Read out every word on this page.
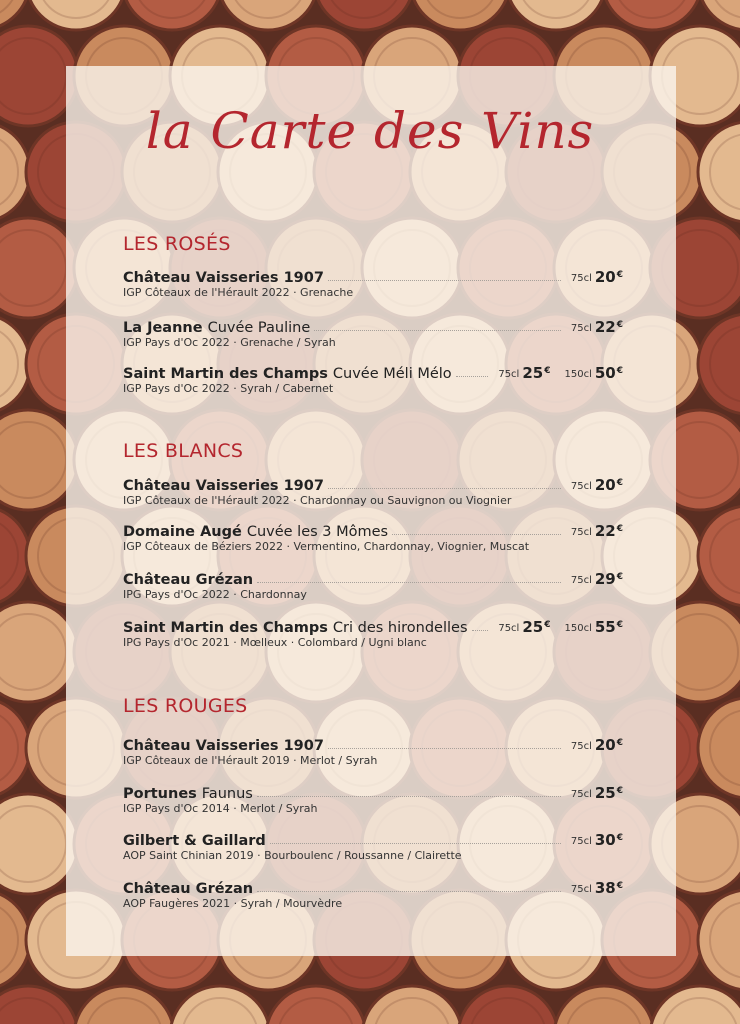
la Carte des Vins
LES ROSÉS
Château Vaisseries 1907	75cl 20 €
IGP Côteaux de l'Hérault 2022 · Grenache
La Jeanne Cuvée Pauline	75cl 22 €
IGP Pays d'Oc 2022 · Grenache / Syrah
Saint Martin des Champs Cuvée Méli Mélo	75cl 25 € 150cl 50 €
IGP Pays d'Oc 2022 · Syrah / Cabernet
LES BLANCS
Château Vaisseries 1907	75cl 20 €
IGP Côteaux de l'Hérault 2022 · Chardonnay ou Sauvignon ou Viognier
Domaine Augé Cuvée les 3 Mômes	75cl 22 €
IGP Côteaux de Béziers 2022 · Vermentino, Chardonnay, Viognier, Muscat
Château Grézan	75cl 29 €
IPG Pays d'Oc 2022 · Chardonnay
Saint Martin des Champs Cri des hirondelles	75cl 25 € 150cl 55 €
IPG Pays d'Oc 2021 · Mœlleux · Colombard / Ugni blanc
LES ROUGES
Château Vaisseries 1907	75cl 20 €
IGP Côteaux de l'Hérault 2019 · Merlot / Syrah
Portunes Faunus	75cl 25 €
IGP Pays d'Oc 2014 · Merlot / Syrah
Gilbert & Gaillard	75cl 30 €
AOP Saint Chinian 2019 · Bourboulenc / Roussanne / Clairette
Château Grézan	75cl 38 €
AOP Faugères 2021 · Syrah / Mourvèdre
